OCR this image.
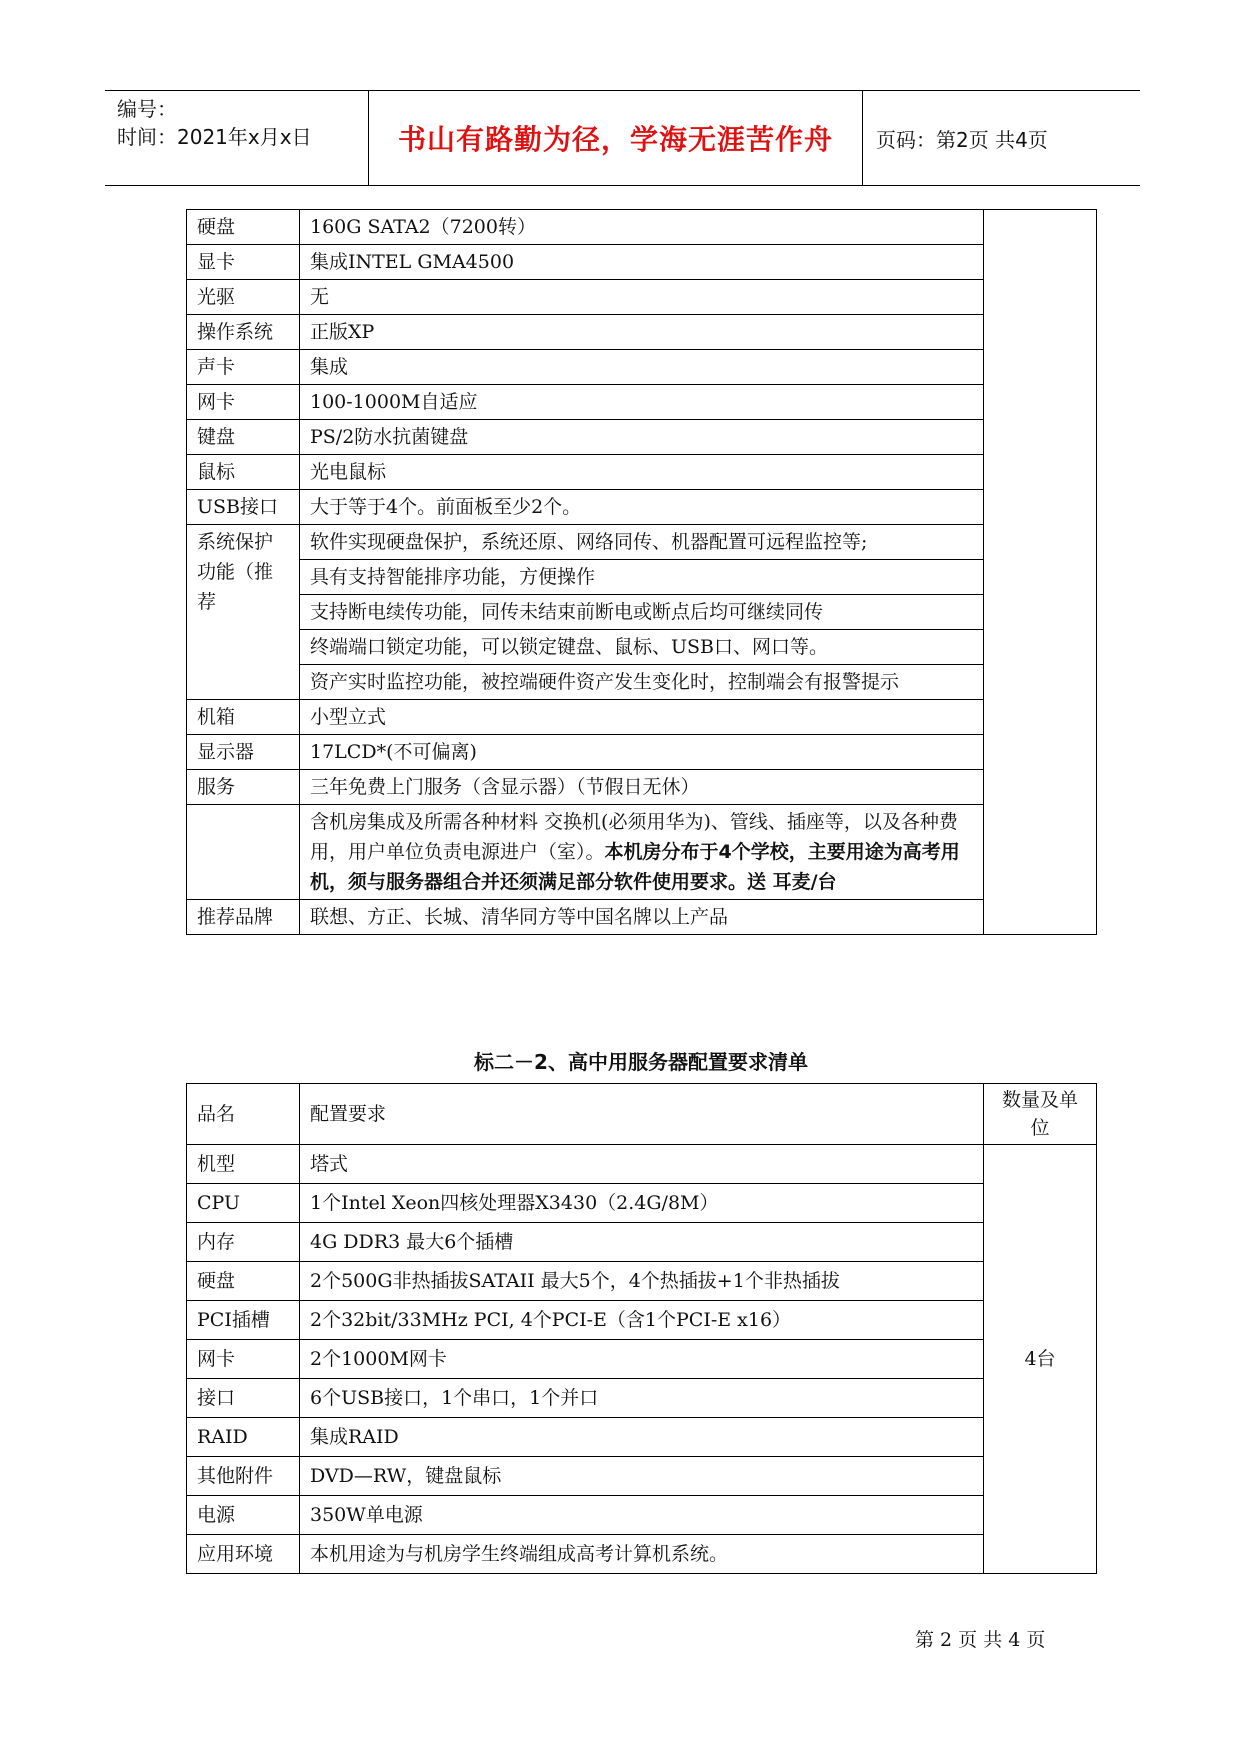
编号：
时间：2021年x月x日	书山有路勤为径，学海无涯苦作舟 页码：第2页 共4页
硬盘	160G SATA2（7200转）	
显卡	集成INTEL GMA4500	
光驱	无	
操作系统	正版XP	
声卡	集成	
网卡	100-1000M自适应	
键盘	PS/2防水抗菌键盘	
鼠标	光电鼠标	
USB接口	大于等于4个。前面板至少2个。	
系统保护功能（推荐	软件实现硬盘保护，系统还原、网络同传、机器配置可远程监控等;	
	具有支持智能排序功能，方便操作	
	支持断电续传功能，同传未结束前断电或断点后均可继续同传	
	终端端口锁定功能，可以锁定键盘、鼠标、USB口、网口等。	
	资产实时监控功能，被控端硬件资产发生变化时，控制端会有报警提示	
机箱	小型立式	
显示器	17LCD*(不可偏离)	
服务	三年免费上门服务（含显示器）（节假日无休）	
	含机房集成及所需各种材料 交换机(必须用华为)、管线、插座等，以及各种费用，用户单位负责电源进户（室）。本机房分布于4个学校，主要用途为高考用机，须与服务器组合并还须满足部分软件使用要求。送 耳麦/台	
推荐品牌	联想、方正、长城、清华同方等中国名牌以上产品	
标二－2、高中用服务器配置要求清单
品名	配置要求	数量及单位
机型	塔式	4台
CPU	1个Intel Xeon四核处理器X3430（2.4G/8M）	
内存	4G DDR3 最大6个插槽	
硬盘	2个500G非热插拔SATAII 最大5个，4个热插拔+1个非热插拔	
PCI插槽	2个32bit/33MHz PCI, 4个PCI-E（含1个PCI-E x16）	
网卡	2个1000M网卡	
接口	6个USB接口，1个串口，1个并口	
RAID	集成RAID	
其他附件	DVD—RW，键盘鼠标	
电源	350W单电源	
应用环境	本机用途为与机房学生终端组成高考计算机系统。	
第 2 页 共 4 页
